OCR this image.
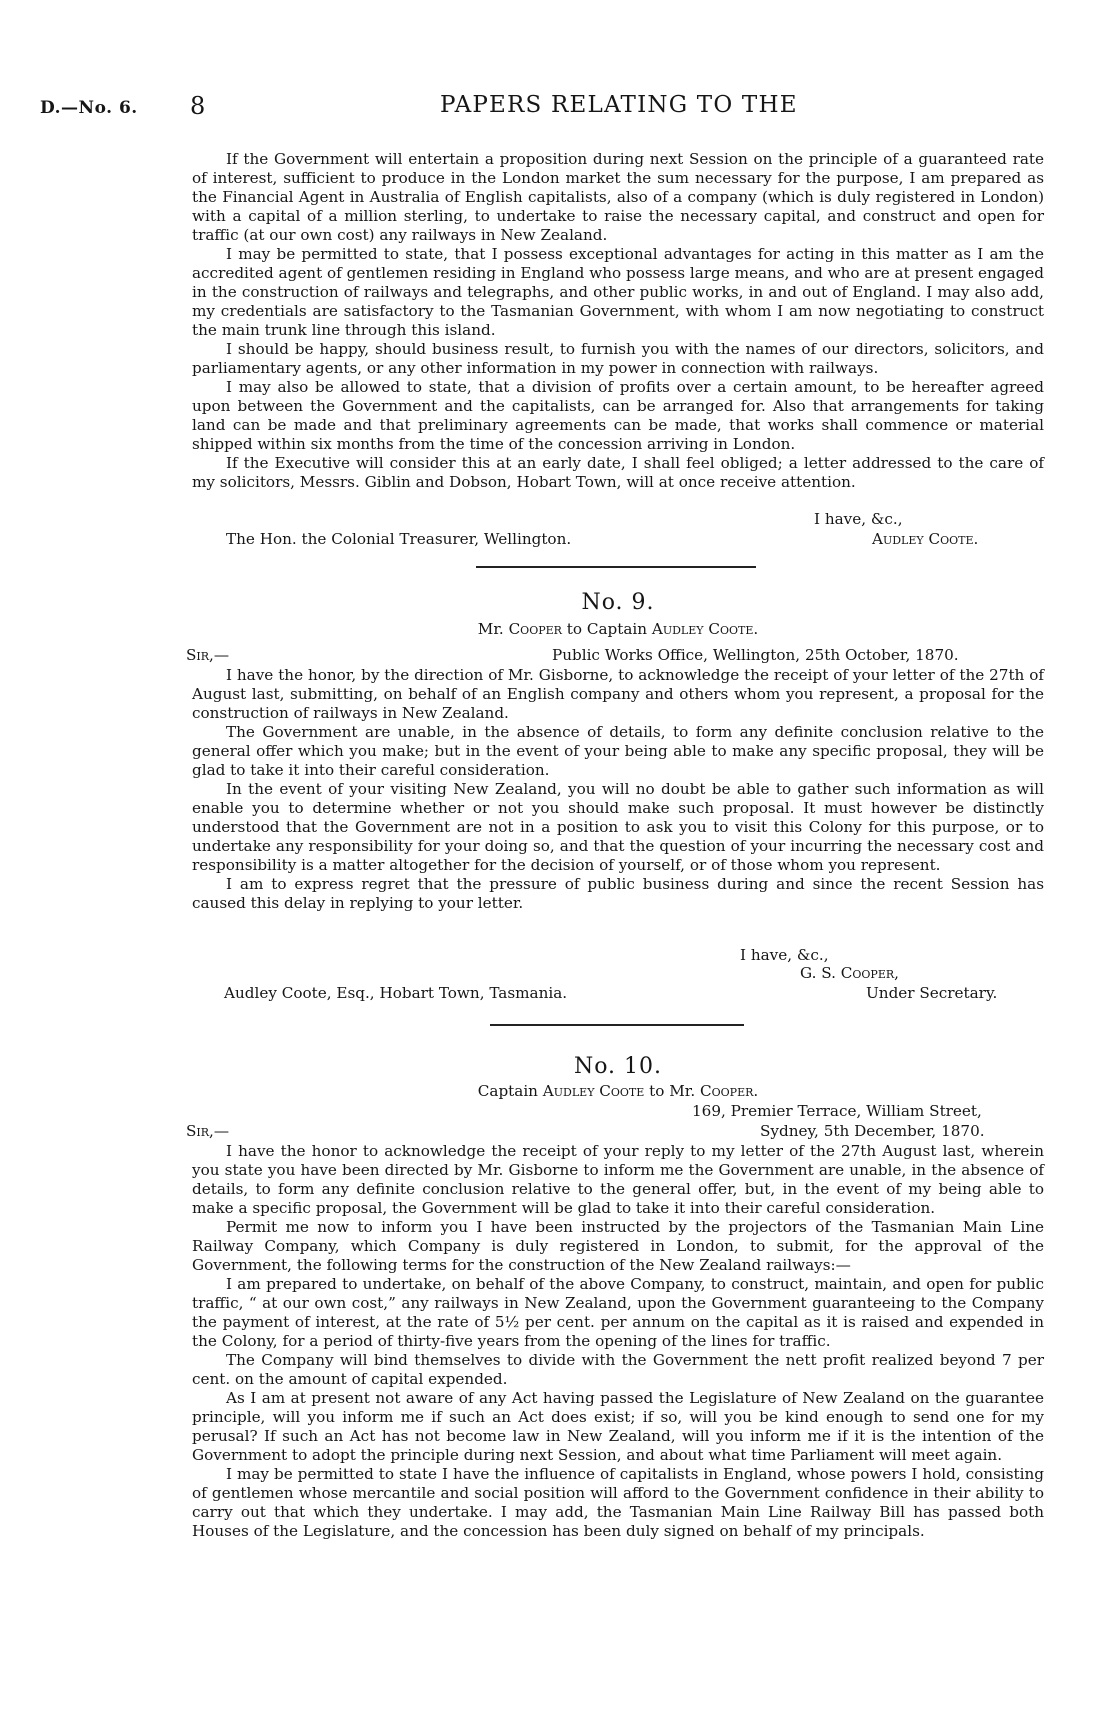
D.—No. 6. 8	PAPERS RELATING TO THE

If the Government will entertain a proposition during next Session on the principle of a guaranteed rate of interest, sufficient to produce in the London market the sum necessary for the purpose, I am prepared as the Financial Agent in Australia of English capitalists, also of a company (which is duly registered in London) with a capital of a million sterling, to undertake to raise the necessary capital, and construct and open for traffic (at our own cost) any railways in New Zealand.

I may be permitted to state, that I possess exceptional advantages for acting in this matter as I am the accredited agent of gentlemen residing in England who possess large means, and who are at present engaged in the construction of railways and telegraphs, and other public works, in and out of England. I may also add, my credentials are satisfactory to the Tasmanian Government, with whom I am now negotiating to construct the main trunk line through this island.

I should be happy, should business result, to furnish you with the names of our directors, solicitors, and parliamentary agents, or any other information in my power in connection with railways.

I may also be allowed to state, that a division of profits over a certain amount, to be hereafter agreed upon between the Government and the capitalists, can be arranged for. Also that arrangements for taking land can be made and that preliminary agreements can be made, that works shall commence or material shipped within six months from the time of the concession arriving in London.

If the Executive will consider this at an early date, I shall feel obliged; a letter addressed to the care of my solicitors, Messrs. Giblin and Dobson, Hobart Town, will at once receive attention.

I have, &c.,
The Hon. the Colonial Treasurer, Wellington.	Audley Coote.
No. 9.
Mr. Cooper to Captain Audley Coote.
Sir,—	Public Works Office, Wellington, 25th October, 1870.

I have the honor, by the direction of Mr. Gisborne, to acknowledge the receipt of your letter of the 27th of August last, submitting, on behalf of an English company and others whom you represent, a proposal for the construction of railways in New Zealand.

The Government are unable, in the absence of details, to form any definite conclusion relative to the general offer which you make; but in the event of your being able to make any specific proposal, they will be glad to take it into their careful consideration.

In the event of your visiting New Zealand, you will no doubt be able to gather such information as will enable you to determine whether or not you should make such proposal. It must however be distinctly understood that the Government are not in a position to ask you to visit this Colony for this purpose, or to undertake any responsibility for your doing so, and that the question of your incurring the necessary cost and responsibility is a matter altogether for the decision of yourself, or of those whom you represent.

I am to express regret that the pressure of public business during and since the recent Session has caused this delay in replying to your letter.

I have, &c.,
G. S. Cooper,
Audley Coote, Esq., Hobart Town, Tasmania.	Under Secretary.
No. 10.
Captain Audley Coote to Mr. Cooper.
169, Premier Terrace, William Street,
Sir,—	Sydney, 5th December, 1870.

I have the honor to acknowledge the receipt of your reply to my letter of the 27th August last, wherein you state you have been directed by Mr. Gisborne to inform me the Government are unable, in the absence of details, to form any definite conclusion relative to the general offer, but, in the event of my being able to make a specific proposal, the Government will be glad to take it into their careful consideration.

Permit me now to inform you I have been instructed by the projectors of the Tasmanian Main Line Railway Company, which Company is duly registered in London, to submit, for the approval of the Government, the following terms for the construction of the New Zealand railways:—

I am prepared to undertake, on behalf of the above Company, to construct, maintain, and open for public traffic, “ at our own cost,” any railways in New Zealand, upon the Government guaranteeing to the Company the payment of interest, at the rate of 5½ per cent. per annum on the capital as it is raised and expended in the Colony, for a period of thirty-five years from the opening of the lines for traffic.

The Company will bind themselves to divide with the Government the nett profit realized beyond 7 per cent. on the amount of capital expended.

As I am at present not aware of any Act having passed the Legislature of New Zealand on the guarantee principle, will you inform me if such an Act does exist; if so, will you be kind enough to send one for my perusal? If such an Act has not become law in New Zealand, will you inform me if it is the intention of the Government to adopt the principle during next Session, and about what time Parliament will meet again.

I may be permitted to state I have the influence of capitalists in England, whose powers I hold, consisting of gentlemen whose mercantile and social position will afford to the Government confidence in their ability to carry out that which they undertake. I may add, the Tasmanian Main Line Railway Bill has passed both Houses of the Legislature, and the concession has been duly signed on behalf of my principals.
